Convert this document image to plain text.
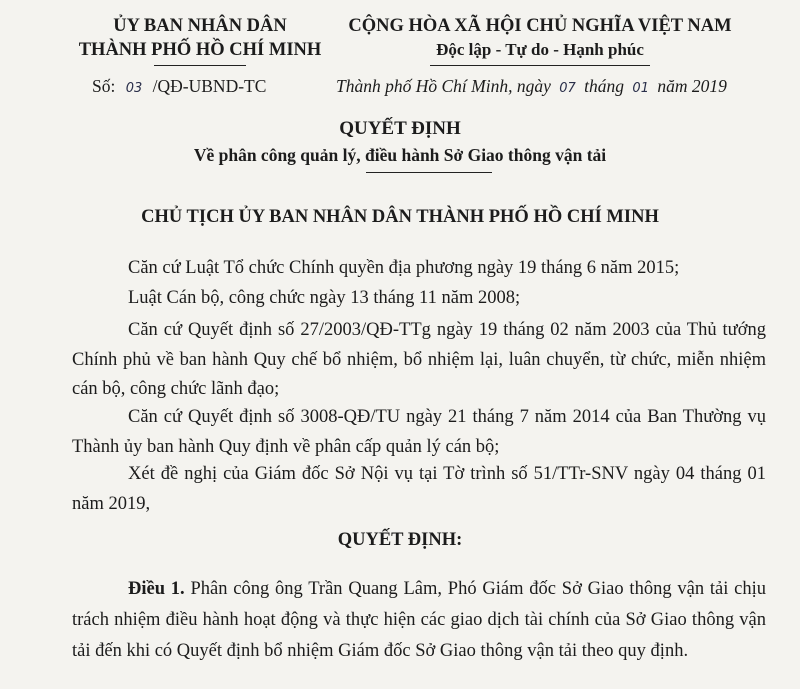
ỦY BAN NHÂN DÂN
THÀNH PHỐ HỒ CHÍ MINH
CỘNG HÒA XÃ HỘI CHỦ NGHĨA VIỆT NAM
Độc lập - Tự do - Hạnh phúc
Số: 03 /QĐ-UBND-TC	Thành phố Hồ Chí Minh, ngày 07 tháng 01 năm 2019
QUYẾT ĐỊNH
Về phân công quản lý, điều hành Sở Giao thông vận tải
CHỦ TỊCH ỦY BAN NHÂN DÂN THÀNH PHỐ HỒ CHÍ MINH

Căn cứ Luật Tổ chức Chính quyền địa phương ngày 19 tháng 6 năm 2015;

Luật Cán bộ, công chức ngày 13 tháng 11 năm 2008;

Căn cứ Quyết định số 27/2003/QĐ-TTg ngày 19 tháng 02 năm 2003 của Thủ tướng Chính phủ về ban hành Quy chế bổ nhiệm, bổ nhiệm lại, luân chuyển, từ chức, miễn nhiệm cán bộ, công chức lãnh đạo;

Căn cứ Quyết định số 3008-QĐ/TU ngày 21 tháng 7 năm 2014 của Ban Thường vụ Thành ủy ban hành Quy định về phân cấp quản lý cán bộ;

Xét đề nghị của Giám đốc Sở Nội vụ tại Tờ trình số 51/TTr-SNV ngày 04 tháng 01 năm 2019,

QUYẾT ĐỊNH:

Điều 1. Phân công ông Trần Quang Lâm, Phó Giám đốc Sở Giao thông vận tải chịu trách nhiệm điều hành hoạt động và thực hiện các giao dịch tài chính của Sở Giao thông vận tải đến khi có Quyết định bổ nhiệm Giám đốc Sở Giao thông vận tải theo quy định.
